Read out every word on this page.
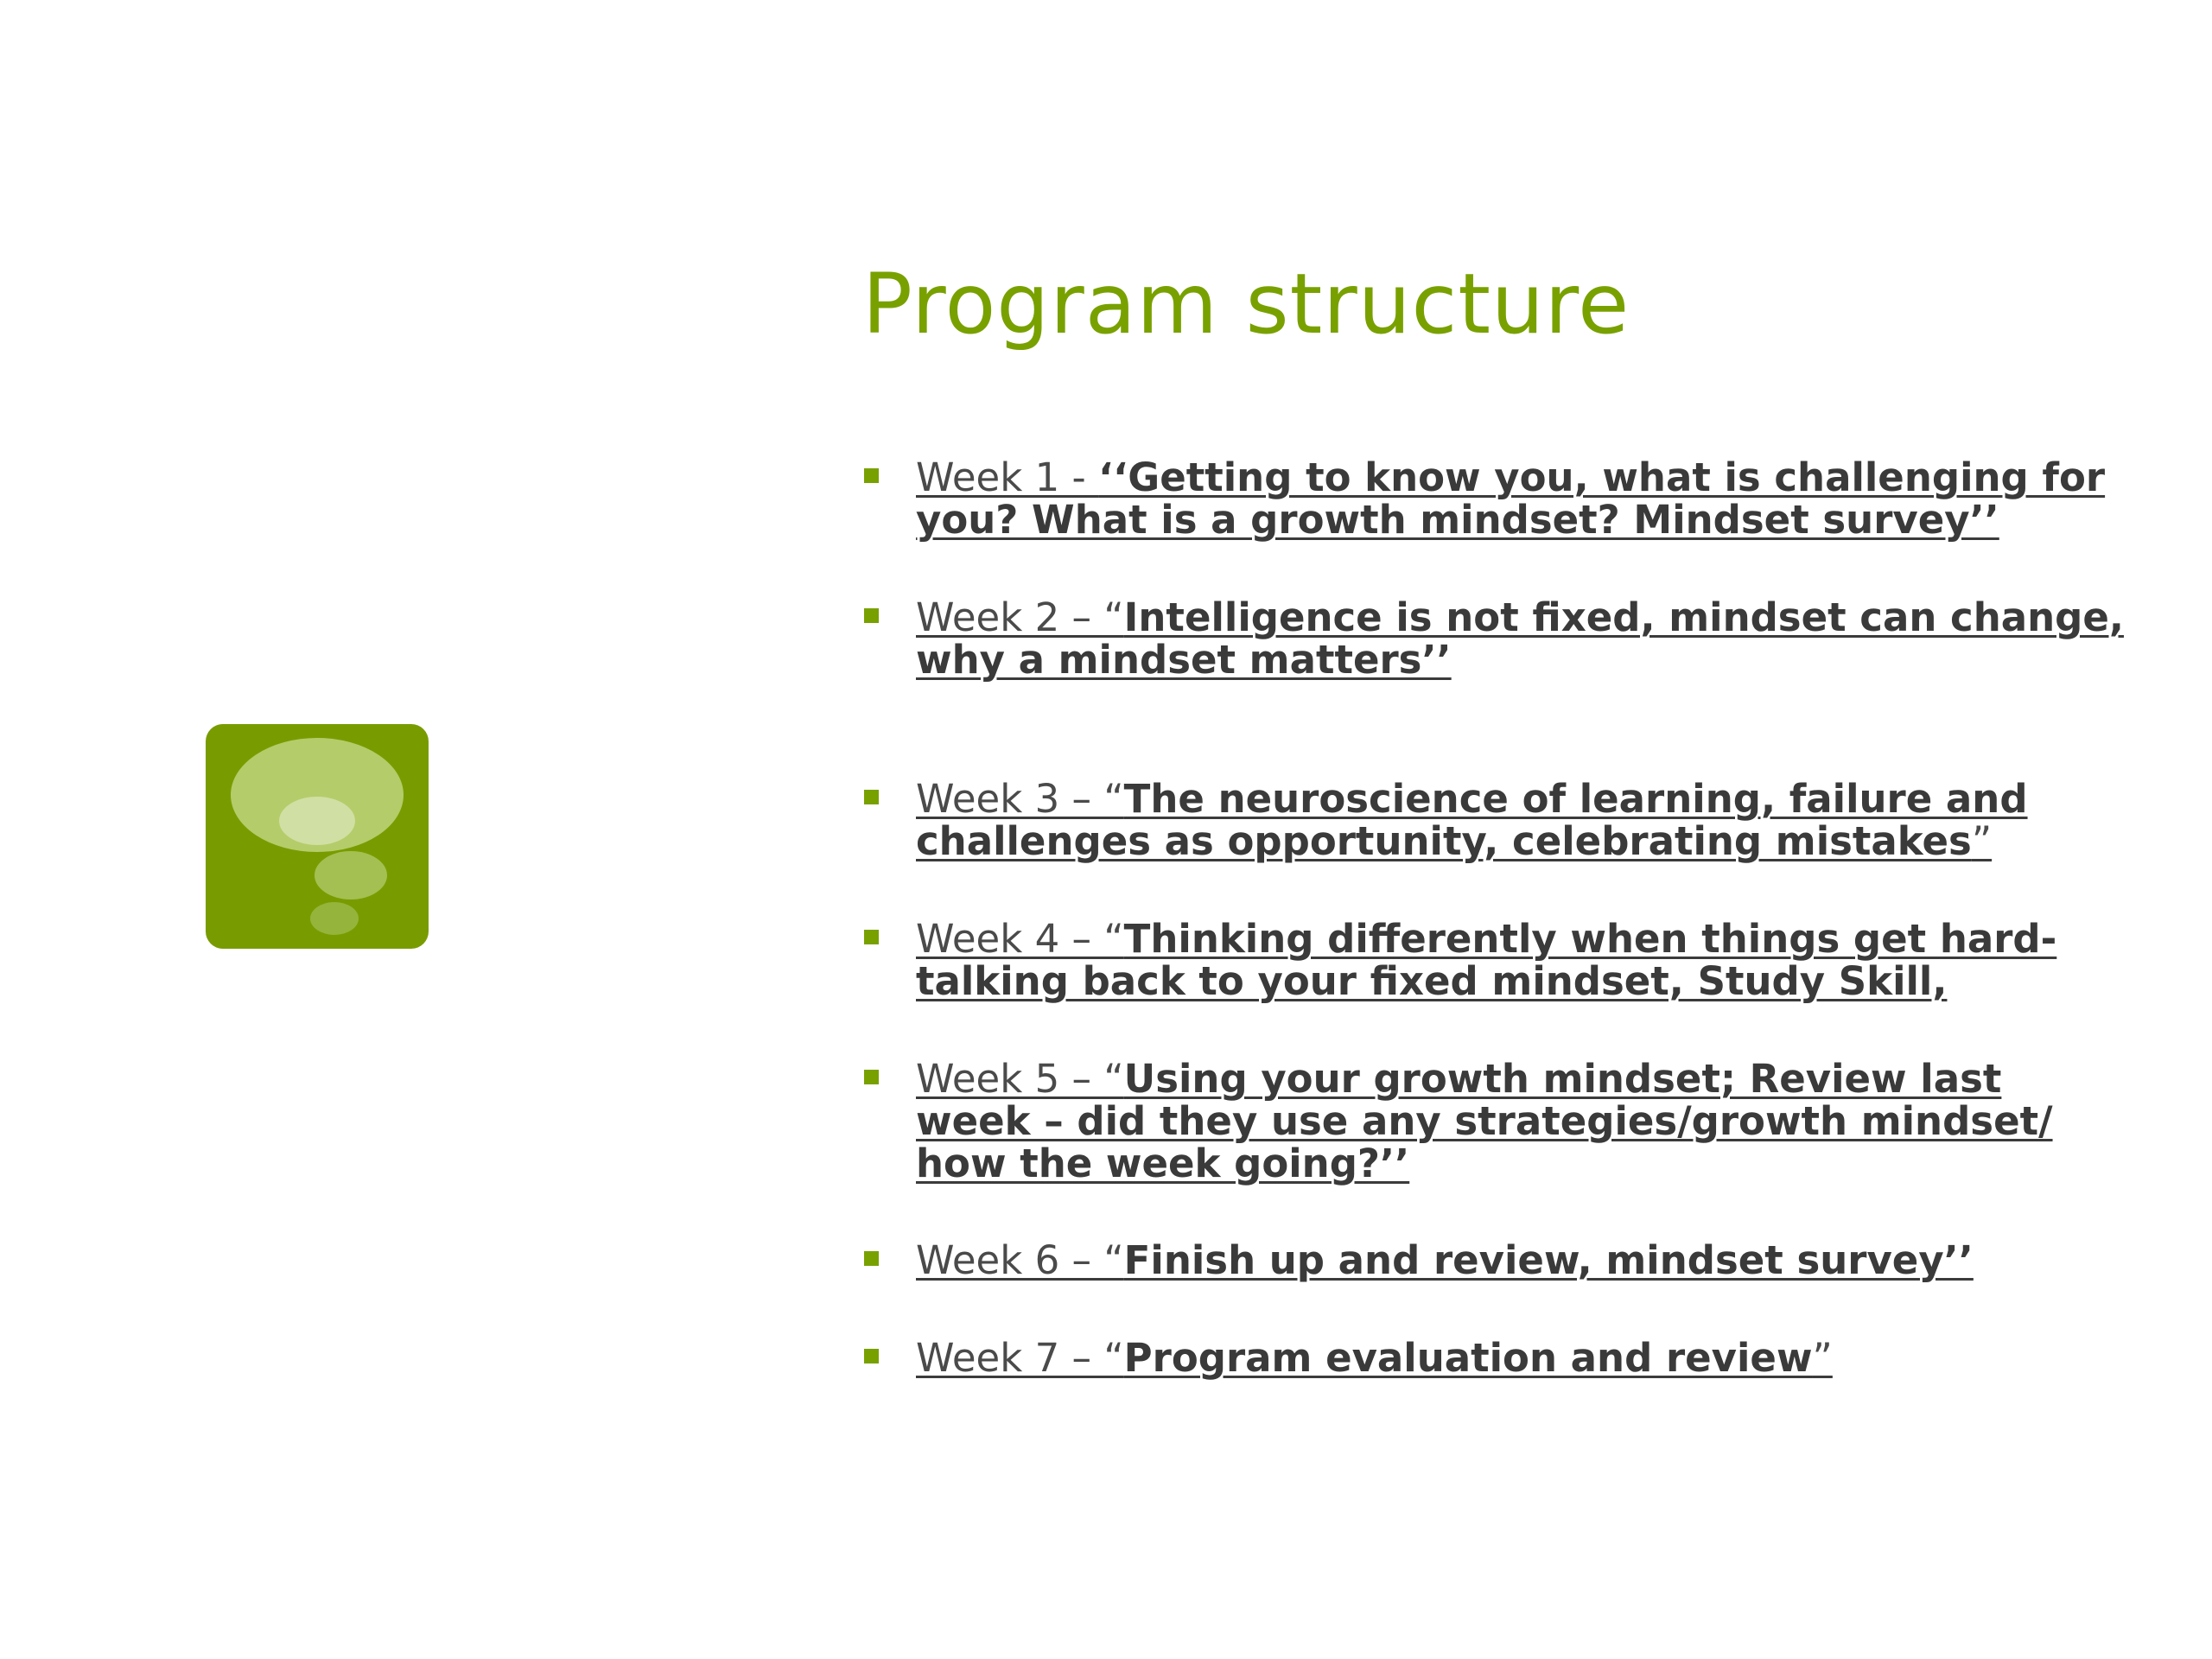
Program structure
Week 1 - ‘‘Getting to know you, what is challenging for you? What is a growth mindset? Mindset survey’’
Week 2 – “Intelligence is not fixed, mindset can change, why a mindset matters’’
Week 3 – “The neuroscience of learning, failure and challenges as opportunity, celebrating mistakes”
Week 4 – “Thinking differently when things get hard- talking back to your fixed mindset, Study Skill,
Week 5 – “Using your growth mindset; Review last week – did they use any strategies/growth mindset/ how the week going?’’
Week 6 – “Finish up and review, mindset survey’’
Week 7 – “Program evaluation and review”
